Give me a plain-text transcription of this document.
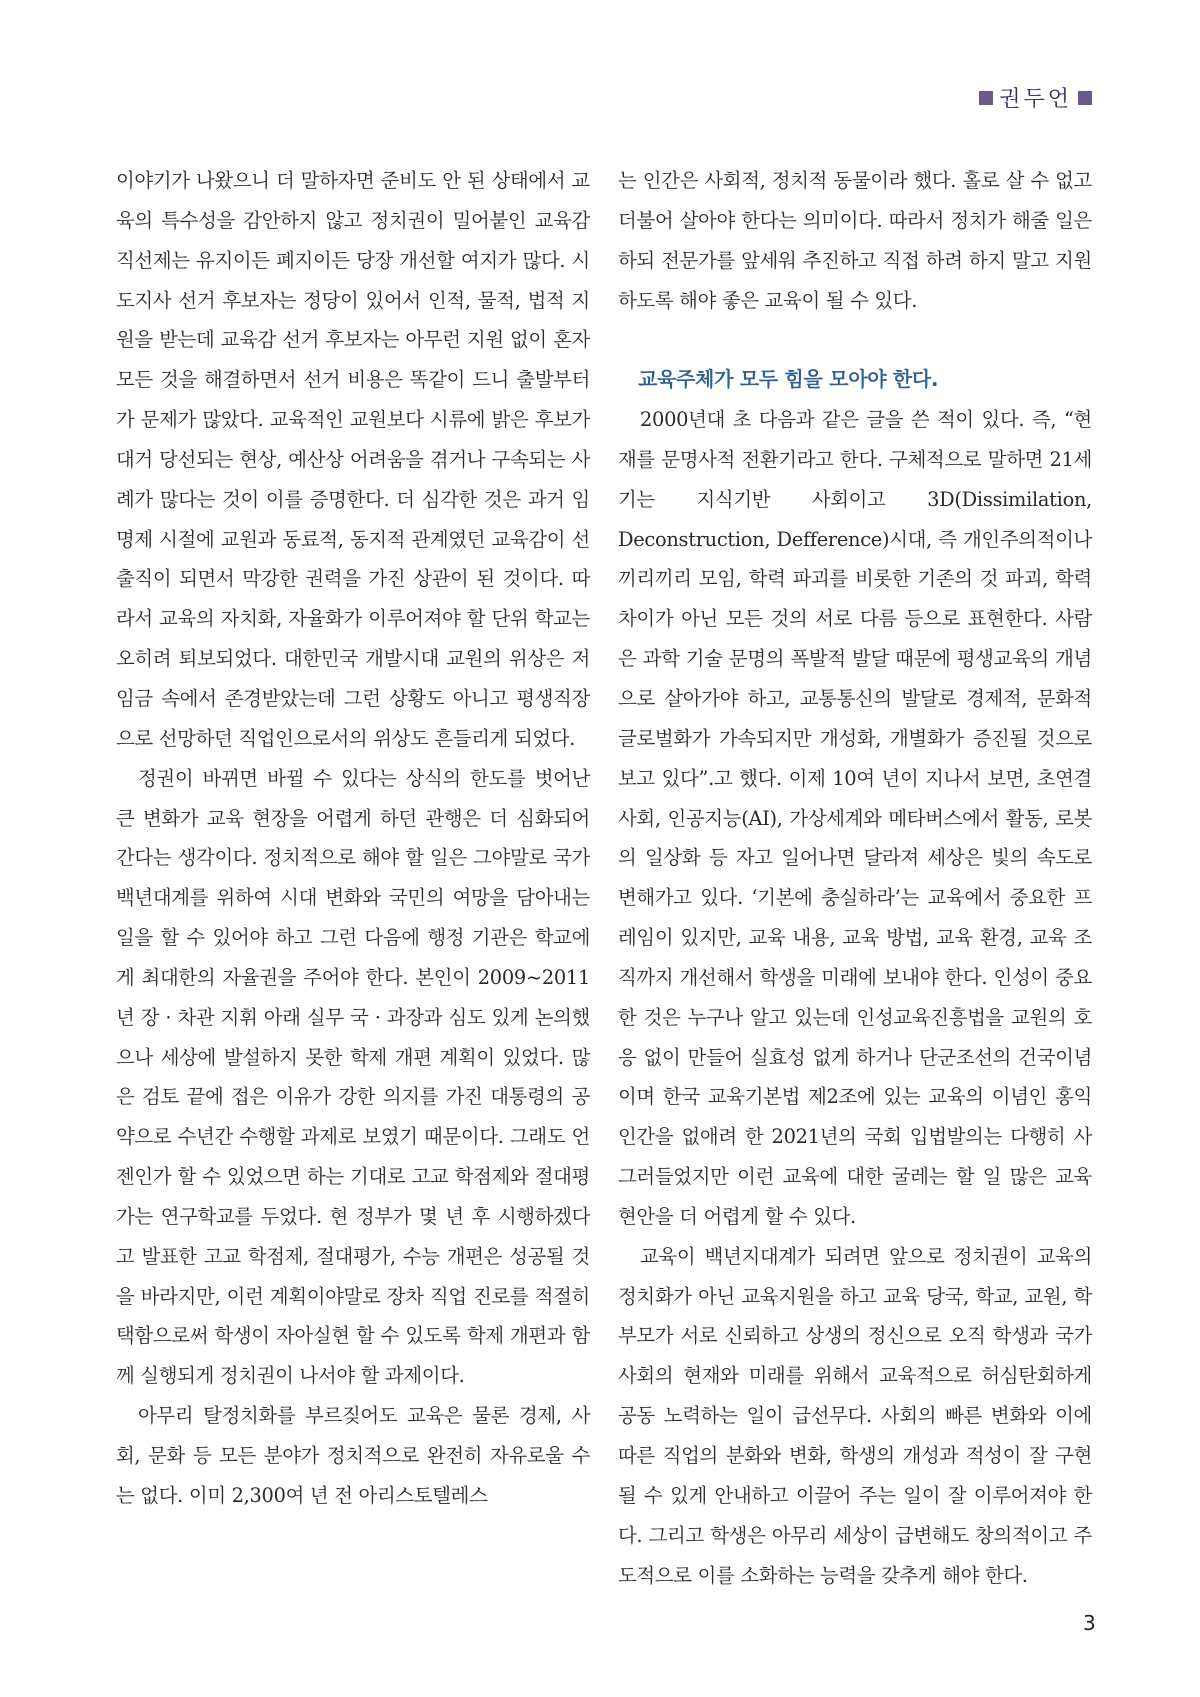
권두언

이야기가 나왔으니 더 말하자면 준비도 안 된 상태에서 교육의 특수성을 감안하지 않고 정치권이 밀어붙인 교육감 직선제는 유지이든 폐지이든 당장 개선할 여지가 많다. 시도지사 선거 후보자는 정당이 있어서 인적, 물적, 법적 지원을 받는데 교육감 선거 후보자는 아무런 지원 없이 혼자 모든 것을 해결하면서 선거 비용은 똑같이 드니 출발부터가 문제가 많았다. 교육적인 교원보다 시류에 밝은 후보가 대거 당선되는 현상, 예산상 어려움을 겪거나 구속되는 사례가 많다는 것이 이를 증명한다. 더 심각한 것은 과거 임명제 시절에 교원과 동료적, 동지적 관계였던 교육감이 선출직이 되면서 막강한 권력을 가진 상관이 된 것이다. 따라서 교육의 자치화, 자율화가 이루어져야 할 단위 학교는 오히려 퇴보되었다. 대한민국 개발시대 교원의 위상은 저임금 속에서 존경받았는데 그런 상황도 아니고 평생직장으로 선망하던 직업인으로서의 위상도 흔들리게 되었다.

정권이 바뀌면 바뀔 수 있다는 상식의 한도를 벗어난 큰 변화가 교육 현장을 어렵게 하던 관행은 더 심화되어 간다는 생각이다. 정치적으로 해야 할 일은 그야말로 국가 백년대계를 위하여 시대 변화와 국민의 여망을 담아내는 일을 할 수 있어야 하고 그런 다음에 행정 기관은 학교에게 최대한의 자율권을 주어야 한다. 본인이 2009~2011년 장 · 차관 지휘 아래 실무 국 · 과장과 심도 있게 논의했으나 세상에 발설하지 못한 학제 개편 계획이 있었다. 많은 검토 끝에 접은 이유가 강한 의지를 가진 대통령의 공약으로 수년간 수행할 과제로 보였기 때문이다. 그래도 언젠인가 할 수 있었으면 하는 기대로 고교 학점제와 절대평가는 연구학교를 두었다. 현 정부가 몇 년 후 시행하겠다고 발표한 고교 학점제, 절대평가, 수능 개편은 성공될 것을 바라지만, 이런 계획이야말로 장차 직업 진로를 적절히 택함으로써 학생이 자아실현 할 수 있도록 학제 개편과 함께 실행되게 정치권이 나서야 할 과제이다.

아무리 탈정치화를 부르짖어도 교육은 물론 경제, 사회, 문화 등 모든 분야가 정치적으로 완전히 자유로울 수는 없다. 이미 2,300여 년 전 아리스토텔레스

는 인간은 사회적, 정치적 동물이라 했다. 홀로 살 수 없고 더불어 살아야 한다는 의미이다. 따라서 정치가 해줄 일은 하되 전문가를 앞세워 추진하고 직접 하려 하지 말고 지원하도록 해야 좋은 교육이 될 수 있다.

교육주체가 모두 힘을 모아야 한다.

2000년대 초 다음과 같은 글을 쓴 적이 있다. 즉, “현재를 문명사적 전환기라고 한다. 구체적으로 말하면 21세기는 지식기반 사회이고 3D(Dissimilation, Deconstruction, Defference)시대, 즉 개인주의적이나 끼리끼리 모임, 학력 파괴를 비롯한 기존의 것 파괴, 학력 차이가 아닌 모든 것의 서로 다름 등으로 표현한다. 사람은 과학 기술 문명의 폭발적 발달 때문에 평생교육의 개념으로 살아가야 하고, 교통통신의 발달로 경제적, 문화적 글로벌화가 가속되지만 개성화, 개별화가 증진될 것으로 보고 있다”.고 했다. 이제 10여 년이 지나서 보면, 초연결 사회, 인공지능(AI), 가상세계와 메타버스에서 활동, 로봇의 일상화 등 자고 일어나면 달라져 세상은 빛의 속도로 변해가고 있다. ‘기본에 충실하라’는 교육에서 중요한 프레임이 있지만, 교육 내용, 교육 방법, 교육 환경, 교육 조직까지 개선해서 학생을 미래에 보내야 한다. 인성이 중요한 것은 누구나 알고 있는데 인성교육진흥법을 교원의 호응 없이 만들어 실효성 없게 하거나 단군조선의 건국이념이며 한국 교육기본법 제2조에 있는 교육의 이념인 홍익인간을 없애려 한 2021년의 국회 입법발의는 다행히 사그러들었지만 이런 교육에 대한 굴레는 할 일 많은 교육 현안을 더 어렵게 할 수 있다.

교육이 백년지대계가 되려면 앞으로 정치권이 교육의 정치화가 아닌 교육지원을 하고 교육 당국, 학교, 교원, 학부모가 서로 신뢰하고 상생의 정신으로 오직 학생과 국가 사회의 현재와 미래를 위해서 교육적으로 허심탄회하게 공동 노력하는 일이 급선무다. 사회의 빠른 변화와 이에 따른 직업의 분화와 변화, 학생의 개성과 적성이 잘 구현될 수 있게 안내하고 이끌어 주는 일이 잘 이루어져야 한다. 그리고 학생은 아무리 세상이 급변해도 창의적이고 주도적으로 이를 소화하는 능력을 갖추게 해야 한다.

3
